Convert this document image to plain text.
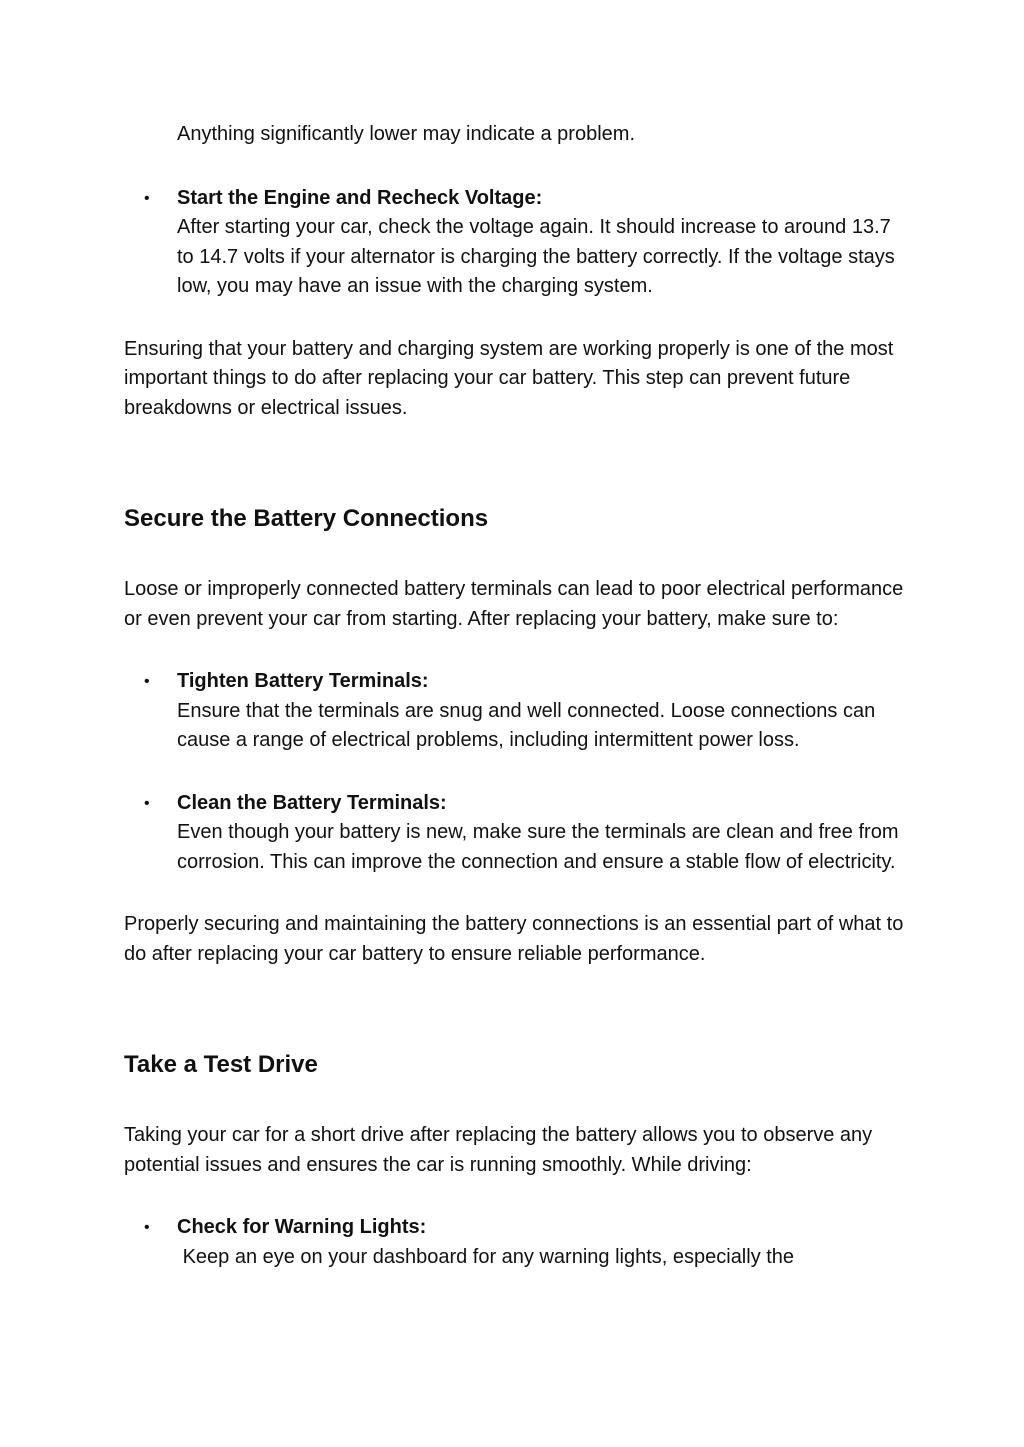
Anything significantly lower may indicate a problem.

• Start the Engine and Recheck Voltage:
After starting your car, check the voltage again. It should increase to around 13.7 to 14.7 volts if your alternator is charging the battery correctly. If the voltage stays low, you may have an issue with the charging system.

Ensuring that your battery and charging system are working properly is one of the most important things to do after replacing your car battery. This step can prevent future breakdowns or electrical issues.

Secure the Battery Connections

Loose or improperly connected battery terminals can lead to poor electrical performance or even prevent your car from starting. After replacing your battery, make sure to:

• Tighten Battery Terminals:
Ensure that the terminals are snug and well connected. Loose connections can cause a range of electrical problems, including intermittent power loss.
• Clean the Battery Terminals:
Even though your battery is new, make sure the terminals are clean and free from corrosion. This can improve the connection and ensure a stable flow of electricity.

Properly securing and maintaining the battery connections is an essential part of what to do after replacing your car battery to ensure reliable performance.

Take a Test Drive

Taking your car for a short drive after replacing the battery allows you to observe any potential issues and ensures the car is running smoothly. While driving:

• Check for Warning Lights:
Keep an eye on your dashboard for any warning lights, especially the
